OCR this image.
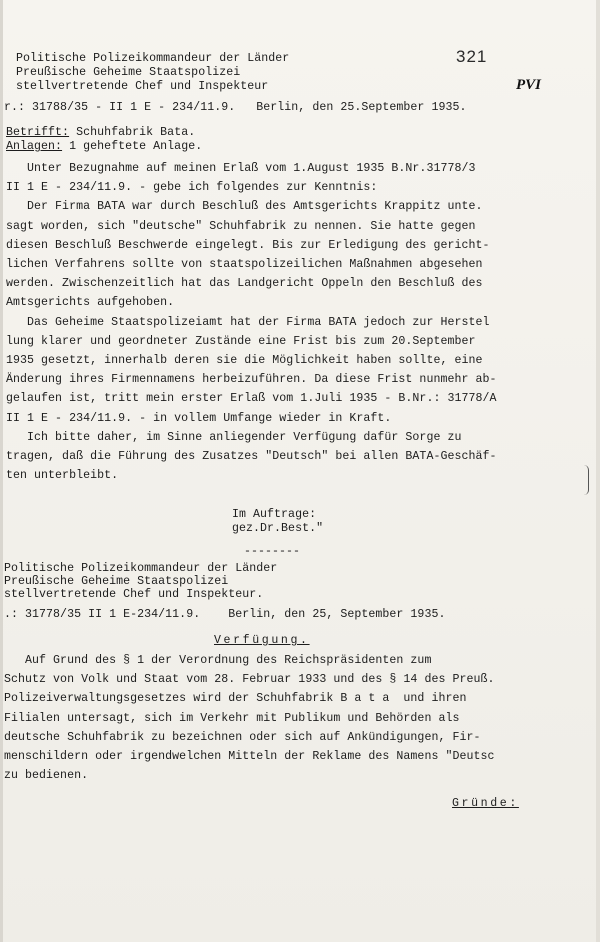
321
PVI
Politische Polizeikommandeur der Länder
Preußische Geheime Staatspolizei
stellvertretende Chef und Inspekteur
r.: 31788/35 - II 1 E - 234/11.9.   Berlin, den 25.September 1935.
Betrifft: Schuhfabrik Bata.
Anlagen: 1 geheftete Anlage.
Unter Bezugnahme auf meinen Erlaß vom 1.August 1935 B.Nr.31778/3
II 1 E - 234/11.9. - gebe ich folgendes zur Kenntnis:
Der Firma BATA war durch Beschluß des Amtsgerichts Krappitz unte.
sagt worden, sich "deutsche" Schuhfabrik zu nennen. Sie hatte gegen
diesen Beschluß Beschwerde eingelegt. Bis zur Erledigung des gericht-
lichen Verfahrens sollte von staatspolizeilichen Maßnahmen abgesehen
werden. Zwischenzeitlich hat das Landgericht Oppeln den Beschluß des
Amtsgerichts aufgehoben.
Das Geheime Staatspolizeiamt hat der Firma BATA jedoch zur Herstel
lung klarer und geordneter Zustände eine Frist bis zum 20.September
1935 gesetzt, innerhalb deren sie die Möglichkeit haben sollte, eine
Änderung ihres Firmennamens herbeizuführen. Da diese Frist nunmehr ab-
gelaufen ist, tritt mein erster Erlaß vom 1.Juli 1935 - B.Nr.: 31778/A
II 1 E - 234/11.9. - in vollem Umfange wieder in Kraft.
Ich bitte daher, im Sinne anliegender Verfügung dafür Sorge zu
tragen, daß die Führung des Zusatzes "Deutsch" bei allen BATA-Geschäf-
ten unterbleibt.
Im Auftrage:
gez.Dr.Best."
--------
Politische Polizeikommandeur der Länder
Preußische Geheime Staatspolizei
stellvertretende Chef und Inspekteur.
.: 31778/35 II 1 E-234/11.9.    Berlin, den 25, September 1935.
Verfügung.
Auf Grund des § 1 der Verordnung des Reichspräsidenten zum
Schutz von Volk und Staat vom 28. Februar 1933 und des § 14 des Preuß.
Polizeiverwaltungsgesetzes wird der Schuhfabrik B a t a  und ihren
Filialen untersagt, sich im Verkehr mit Publikum und Behörden als
deutsche Schuhfabrik zu bezeichnen oder sich auf Ankündigungen, Fir-
menschildern oder irgendwelchen Mitteln der Reklame des Namens "Deutsc
zu bedienen.
Gründe:
